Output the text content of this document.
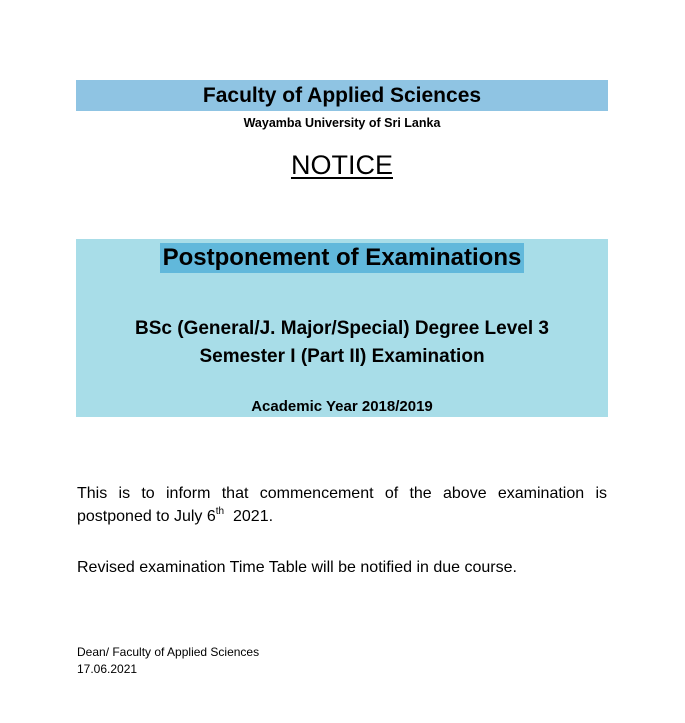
Faculty of Applied Sciences
Wayamba University of Sri Lanka
NOTICE
Postponement of Examinations
BSc (General/J. Major/Special) Degree Level 3
Semester I (Part II) Examination
Academic Year 2018/2019

This is to inform that commencement of the above examination is postponed to July 6th  2021.

Revised examination Time Table will be notified in due course.

Dean/ Faculty of Applied Sciences
17.06.2021
